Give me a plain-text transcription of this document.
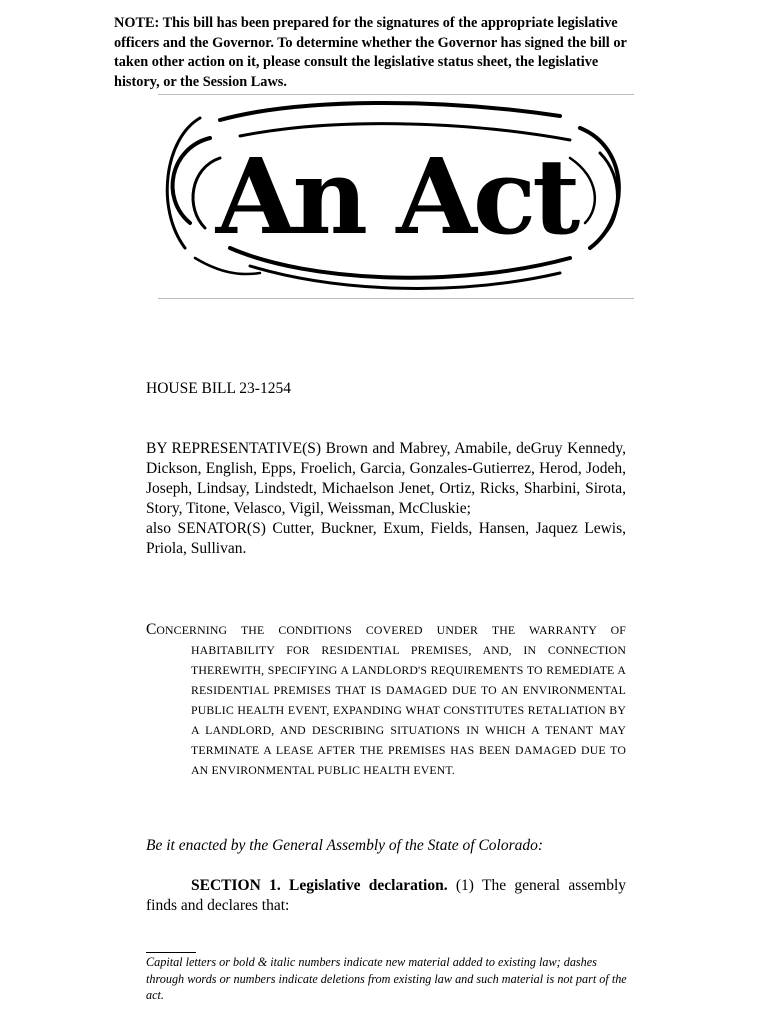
NOTE: This bill has been prepared for the signatures of the appropriate legislative officers and the Governor. To determine whether the Governor has signed the bill or taken other action on it, please consult the legislative status sheet, the legislative history, or the Session Laws.
An Act
HOUSE BILL 23-1254

BY REPRESENTATIVE(S) Brown and Mabrey, Amabile, deGruy Kennedy, Dickson, English, Epps, Froelich, Garcia, Gonzales-Gutierrez, Herod, Jodeh, Joseph, Lindsay, Lindstedt, Michaelson Jenet, Ortiz, Ricks, Sharbini, Sirota, Story, Titone, Velasco, Vigil, Weissman, McCluskie;

also SENATOR(S) Cutter, Buckner, Exum, Fields, Hansen, Jaquez Lewis, Priola, Sullivan.

CONCERNING THE CONDITIONS COVERED UNDER THE WARRANTY OF HABITABILITY FOR RESIDENTIAL PREMISES, AND, IN CONNECTION THEREWITH, SPECIFYING A LANDLORD'S REQUIREMENTS TO REMEDIATE A RESIDENTIAL PREMISES THAT IS DAMAGED DUE TO AN ENVIRONMENTAL PUBLIC HEALTH EVENT, EXPANDING WHAT CONSTITUTES RETALIATION BY A LANDLORD, AND DESCRIBING SITUATIONS IN WHICH A TENANT MAY TERMINATE A LEASE AFTER THE PREMISES HAS BEEN DAMAGED DUE TO AN ENVIRONMENTAL PUBLIC HEALTH EVENT.
Be it enacted by the General Assembly of the State of Colorado:
SECTION 1. Legislative declaration. (1) The general assembly finds and declares that:
Capital letters or bold & italic numbers indicate new material added to existing law; dashes through words or numbers indicate deletions from existing law and such material is not part of the act.
